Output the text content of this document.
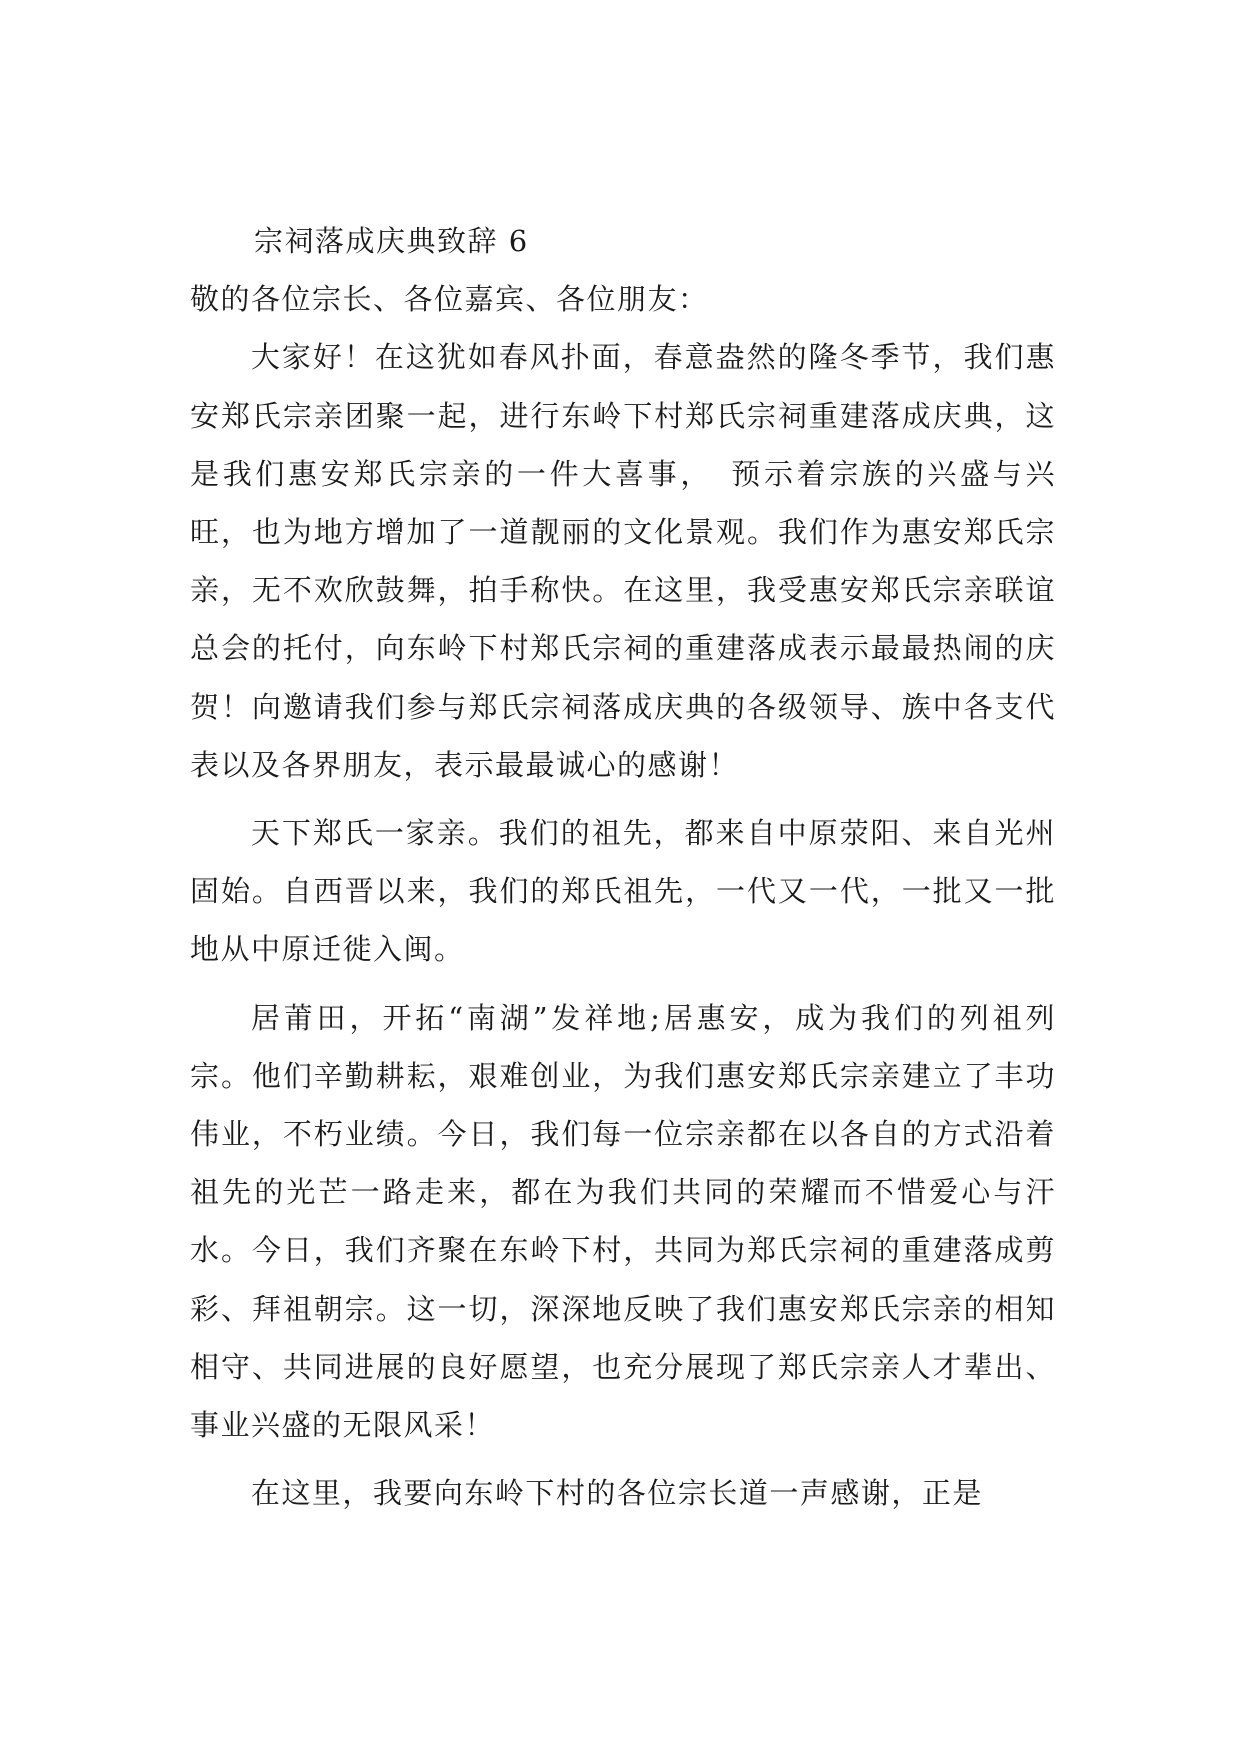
宗祠落成庆典致辞 6

敬的各位宗长、各位嘉宾、各位朋友：

大家好！在这犹如春风扑面，春意盎然的隆冬季节，我们惠安郑氏宗亲团聚一起，进行东岭下村郑氏宗祠重建落成庆典，这是我们惠安郑氏宗亲的一件大喜事，　预示着宗族的兴盛与兴旺，也为地方增加了一道靓丽的文化景观。我们作为惠安郑氏宗亲，无不欢欣鼓舞，拍手称快。在这里，我受惠安郑氏宗亲联谊总会的托付，向东岭下村郑氏宗祠的重建落成表示最最热闹的庆贺！向邀请我们参与郑氏宗祠落成庆典的各级领导、族中各支代表以及各界朋友，表示最最诚心的感谢！

天下郑氏一家亲。我们的祖先，都来自中原荥阳、来自光州固始。自西晋以来，我们的郑氏祖先，一代又一代，一批又一批地从中原迁徙入闽。

居莆田，开拓“南湖”发祥地;居惠安，成为我们的列祖列宗。他们辛勤耕耘，艰难创业，为我们惠安郑氏宗亲建立了丰功伟业，不朽业绩。今日，我们每一位宗亲都在以各自的方式沿着祖先的光芒一路走来，都在为我们共同的荣耀而不惜爱心与汗水。今日，我们齐聚在东岭下村，共同为郑氏宗祠的重建落成剪彩、拜祖朝宗。这一切，深深地反映了我们惠安郑氏宗亲的相知相守、共同进展的良好愿望，也充分展现了郑氏宗亲人才辈出、事业兴盛的无限风采！

在这里，我要向东岭下村的各位宗长道一声感谢，正是
